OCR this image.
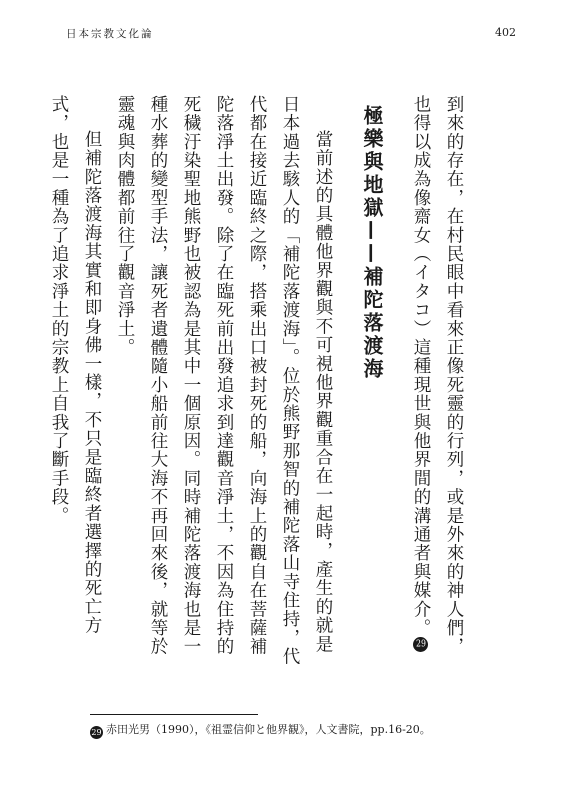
日本宗教文化論	402

到來的存在，在村民眼中看來正像死靈的行列，或是外來的神人們，也得以成為像齋女（イタコ）這種現世與他界間的溝通者與媒介。29

極樂與地獄——補陀落渡海

當前述的具體他界觀與不可視他界觀重合在一起時，產生的就是日本過去駭人的「補陀落渡海」。位於熊野那智的補陀落山寺住持，代代都在接近臨終之際，搭乘出口被封死的船，向海上的觀自在菩薩補陀落淨土出發。除了在臨死前出發追求到達觀音淨土，不因為住持的死穢汙染聖地熊野也被認為是其中一個原因。同時補陀落渡海也是一種水葬的變型手法，讓死者遺體隨小船前往大海不再回來後，就等於靈魂與肉體都前往了觀音淨土。

但補陀落渡海其實和即身佛一樣，不只是臨終者選擇的死亡方式，也是一種為了追求淨土的宗教上自我了斷手段。

29 赤田光男（1990），《祖霊信仰と他界観》，人文書院，pp.16-20。
